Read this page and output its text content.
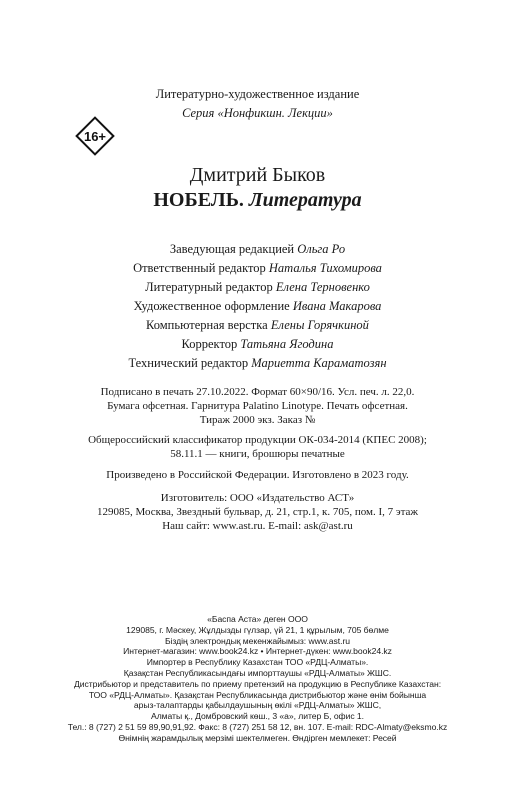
Литературно-художественное издание
Серия «Нонфикшн. Лекции»
16+
Дмитрий Быков
НОБЕЛЬ. Литература
Заведующая редакцией Ольга Ро
Ответственный редактор Наталья Тихомирова
Литературный редактор Елена Терновенко
Художественное оформление Ивана Макарова
Компьютерная верстка Елены Горячкиной
Корректор Татьяна Ягодина
Технический редактор Мариетта Караматозян
Подписано в печать 27.10.2022. Формат 60×90/16. Усл. печ. л. 22,0.
Бумага офсетная. Гарнитура Palatino Linotype. Печать офсетная.
Тираж 2000 экз. Заказ №
Общероссийский классификатор продукции ОК-034-2014 (КПЕС 2008);
58.11.1 — книги, брошюры печатные
Произведено в Российской Федерации. Изготовлено в 2023 году.
Изготовитель: ООО «Издательство АСТ»
129085, Москва, Звездный бульвар, д. 21, стр.1, к. 705, пом. I, 7 этаж
Наш сайт: www.ast.ru. E-mail: ask@ast.ru
«Баспа Аста» деген ООО
129085, г. Мәскеу, Жұлдызды гүлзар, үй 21, 1 құрылым, 705 бөлме
Біздің электрондық мекенжайымыз: www.ast.ru
Интернет-магазин: www.book24.kz • Интернет-дүкен: www.book24.kz
Импортер в Республику Казахстан ТОО «РДЦ-Алматы».
Қазақстан Республикасындағы импорттаушы «РДЦ-Алматы» ЖШС.
Дистрибьютор и представитель по приему претензий на продукцию в Республике Казахстан:
ТОО «РДЦ-Алматы». Қазақстан Республикасында дистрибьютор және өнім бойынша
арыз-талаптарды қабылдаушының өкілі «РДЦ-Алматы» ЖШС,
Алматы қ., Домбровский көш., 3 «а», литер Б, офис 1.
Тел.: 8 (727) 2 51 59 89,90,91,92. Факс: 8 (727) 251 58 12, вн. 107. E-mail: RDC-Almaty@eksmo.kz
Өнімнің жарамдылық мерзімі шектелмеген. Өндірген мемлекет: Ресей
